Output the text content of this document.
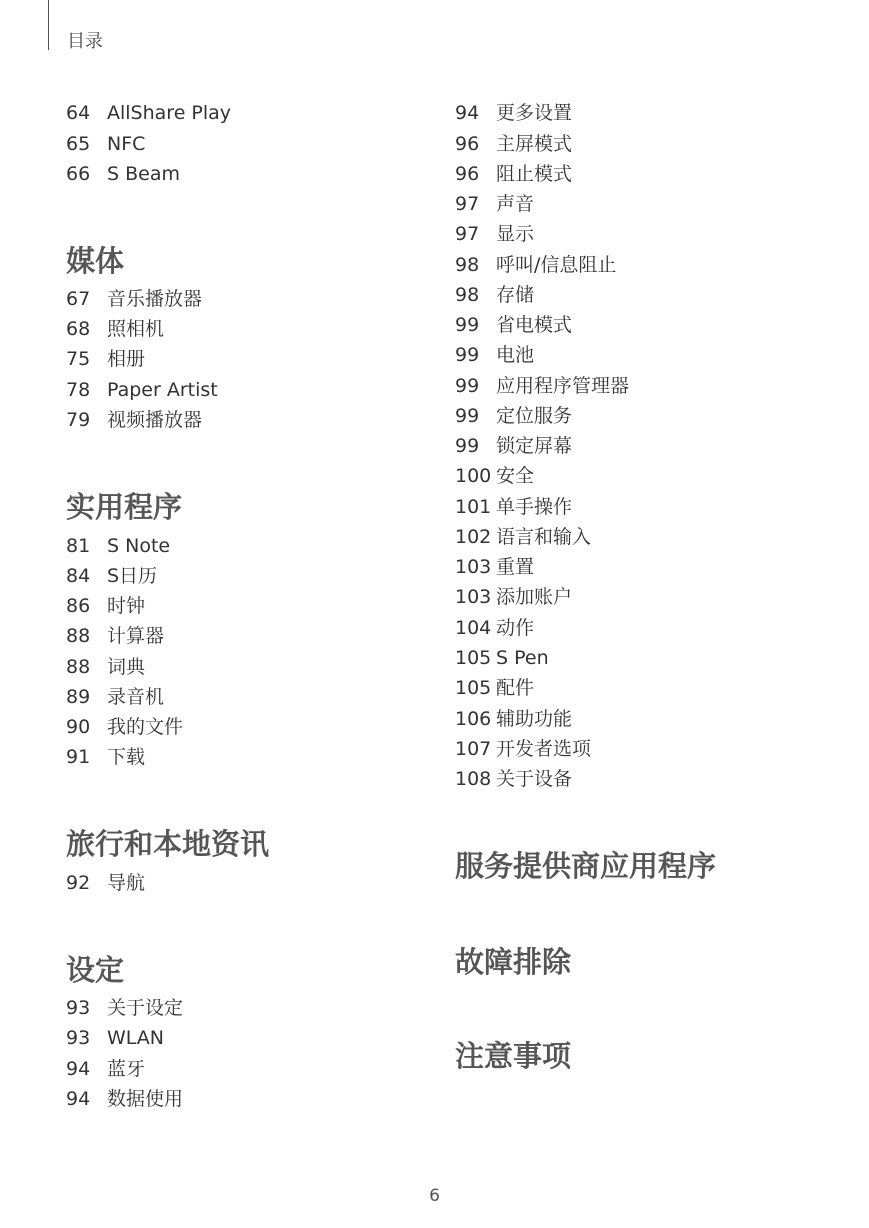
目录
64 AllShare Play
65 NFC
66 S Beam
媒体
67 音乐播放器
68 照相机
75 相册
78 Paper Artist
79 视频播放器
实用程序
81 S Note
84 S日历
86 时钟
88 计算器
88 词典
89 录音机
90 我的文件
91 下载
旅行和本地资讯
92 导航
设定
93 关于设定
93 WLAN
94 蓝牙
94 数据使用
94 更多设置
96 主屏模式
96 阻止模式
97 声音
97 显示
98 呼叫/信息阻止
98 存储
99 省电模式
99 电池
99 应用程序管理器
99 定位服务
99 锁定屏幕
100 安全
101 单手操作
102 语言和输入
103 重置
103 添加账户
104 动作
105 S Pen
105 配件
106 辅助功能
107 开发者选项
108 关于设备
服务提供商应用程序
故障排除
注意事项
6
